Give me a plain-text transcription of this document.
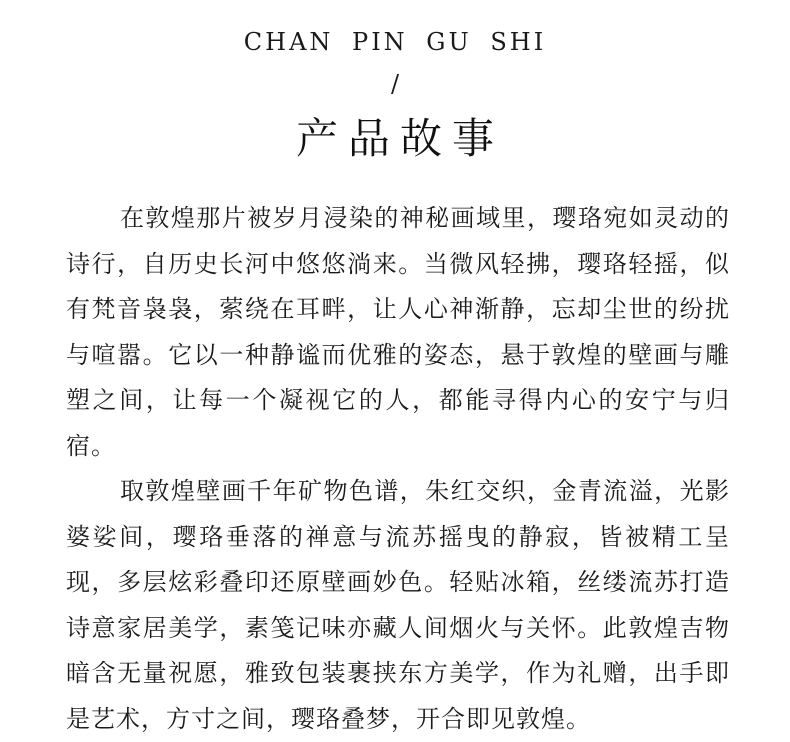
CHAN PIN GU SHI
/
产品故事

在敦煌那片被岁月浸染的神秘画域里，璎珞宛如灵动的诗行，自历史长河中悠悠淌来。当微风轻拂，璎珞轻摇，似有梵音袅袅，萦绕在耳畔，让人心神渐静，忘却尘世的纷扰与喧嚣。它以一种静谧而优雅的姿态，悬于敦煌的壁画与雕塑之间，让每一个凝视它的人，都能寻得内心的安宁与归宿。

取敦煌壁画千年矿物色谱，朱红交织，金青流溢，光影婆娑间，璎珞垂落的禅意与流苏摇曳的静寂，皆被精工呈现，多层炫彩叠印还原壁画妙色。轻贴冰箱，丝缕流苏打造诗意家居美学，素笺记味亦藏人间烟火与关怀。此敦煌吉物暗含无量祝愿，雅致包装裹挟东方美学，作为礼赠，出手即是艺术，方寸之间，璎珞叠梦，开合即见敦煌。
